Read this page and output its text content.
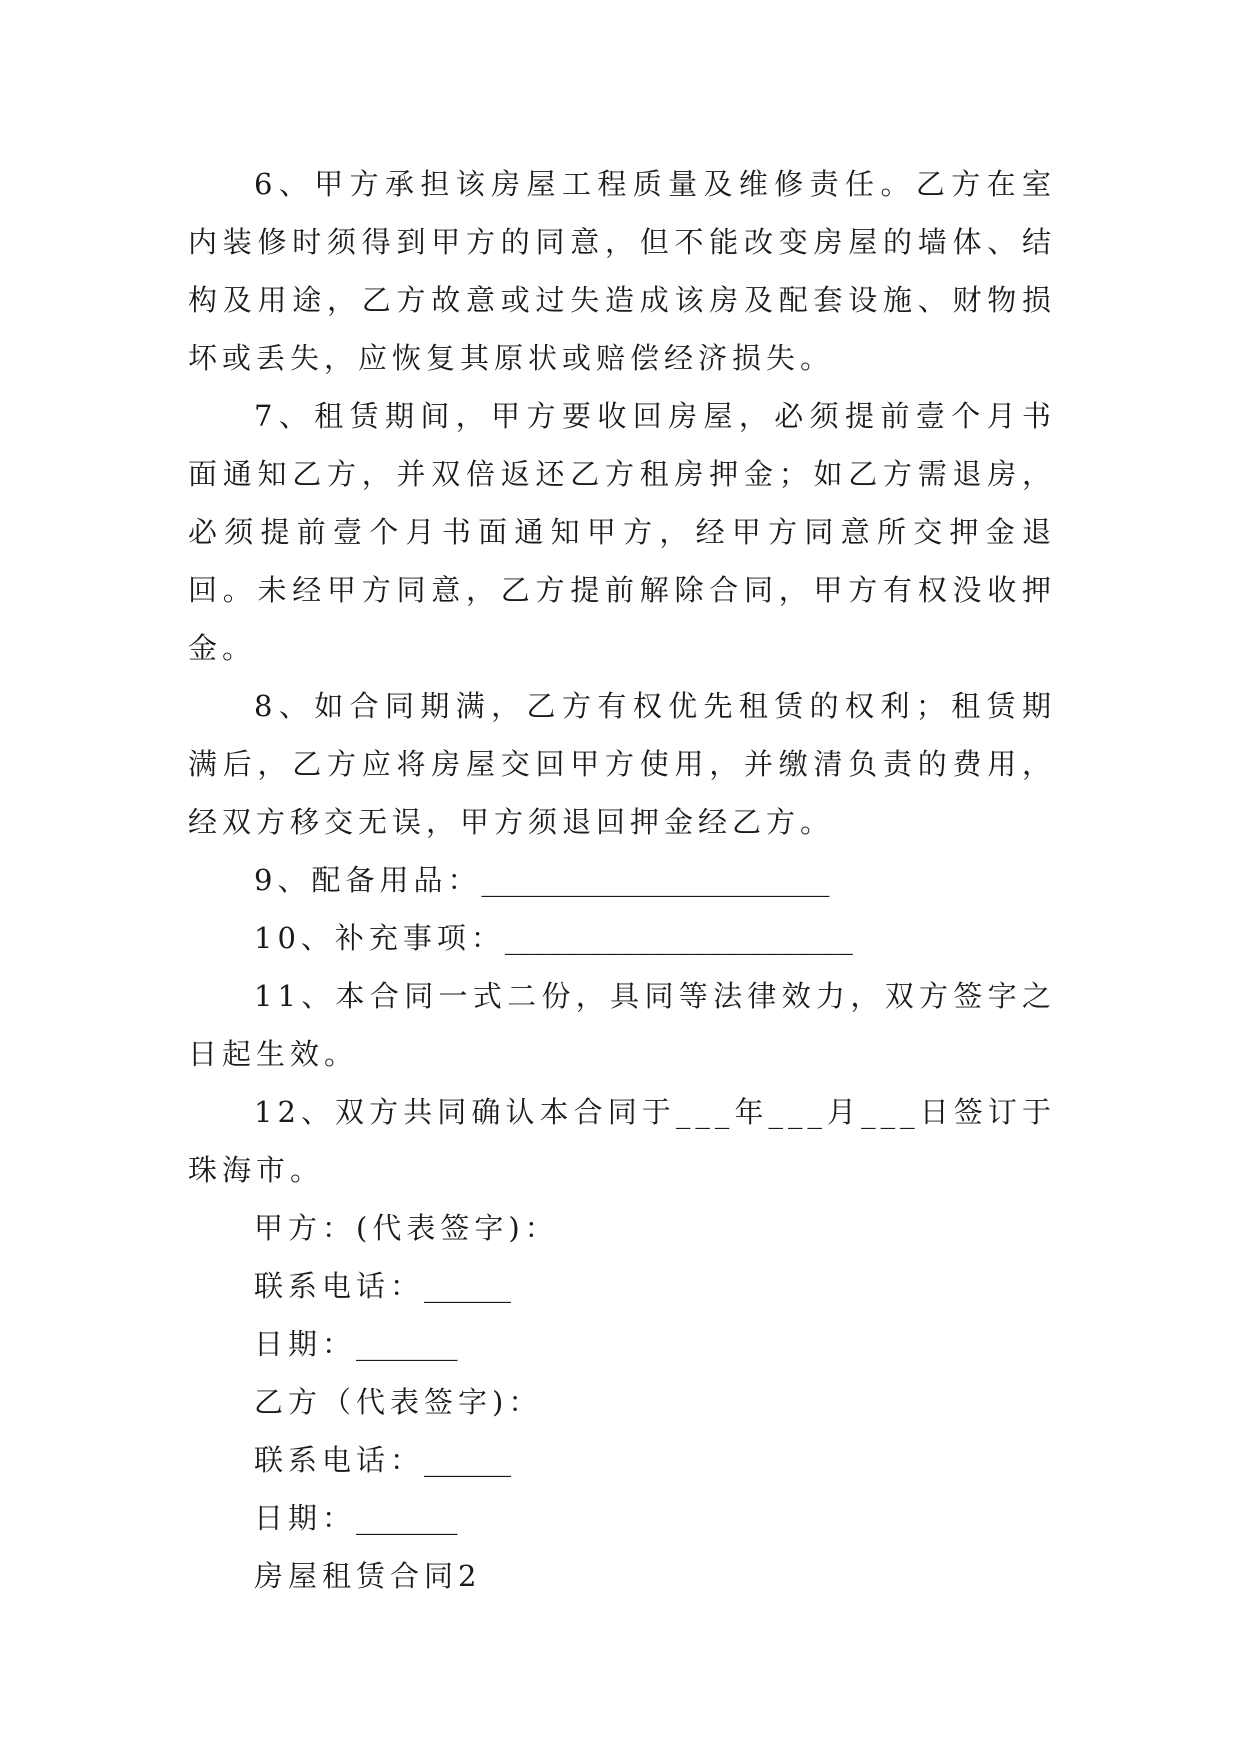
6、甲方承担该房屋工程质量及维修责任。乙方在室内装修时须得到甲方的同意，但不能改变房屋的墙体、结构及用途，乙方故意或过失造成该房及配套设施、财物损坏或丢失，应恢复其原状或赔偿经济损失。

7、租赁期间，甲方要收回房屋，必须提前壹个月书面通知乙方，并双倍返还乙方租房押金；如乙方需退房，必须提前壹个月书面通知甲方，经甲方同意所交押金退回。未经甲方同意，乙方提前解除合同，甲方有权没收押金。

8、如合同期满，乙方有权优先租赁的权利；租赁期满后，乙方应将房屋交回甲方使用，并缴清负责的费用，经双方移交无误，甲方须退回押金经乙方。

9、配备用品：________________________

10、补充事项：________________________

11、本合同一式二份，具同等法律效力，双方签字之日起生效。

12、双方共同确认本合同于___年___月___日签订于珠海市。

甲方：(代表签字)：

联系电话：______

日期：_______

乙方（代表签字)：

联系电话：______

日期：_______

房屋租赁合同2
